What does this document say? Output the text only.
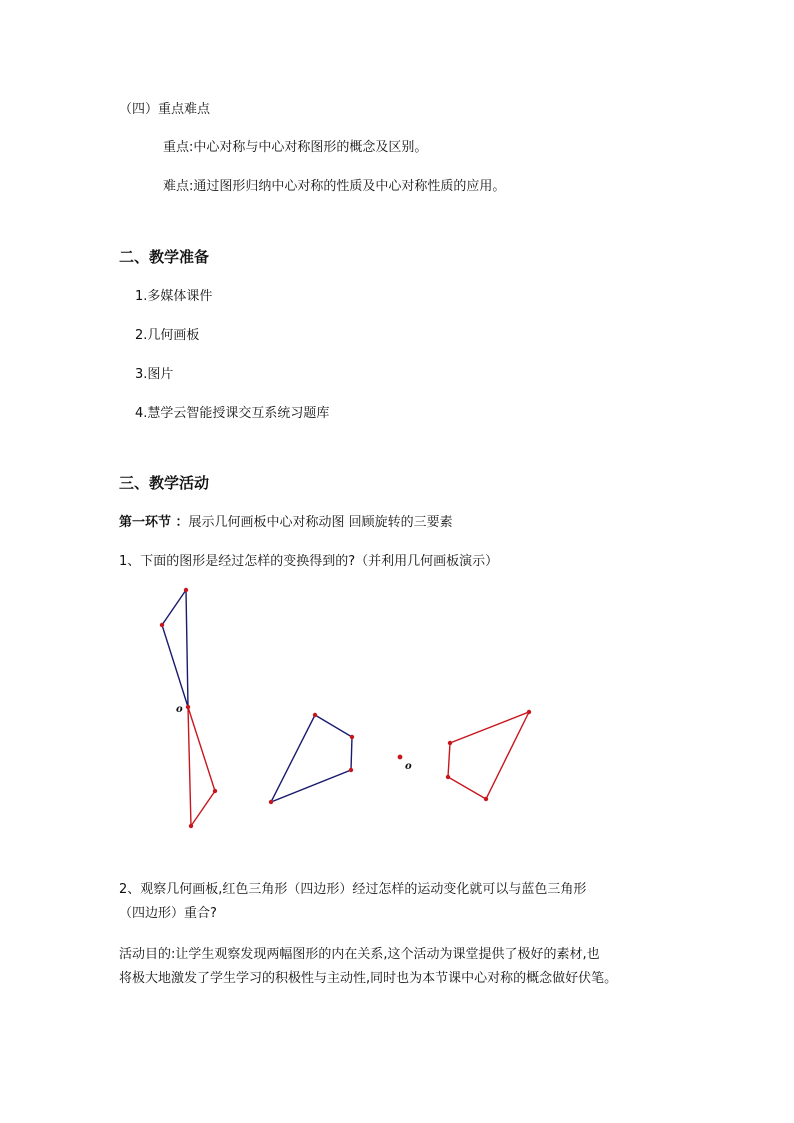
（四）重点难点
重点:中心对称与中心对称图形的概念及区别。
难点:通过图形归纳中心对称的性质及中心对称性质的应用。
二、教学准备
1.多媒体课件
2.几何画板
3.图片
4.慧学云智能授课交互系统习题库
三、教学活动
第一环节 ：展示几何画板中心对称动图 回顾旋转的三要素
1、下面的图形是经过怎样的变换得到的?（并利用几何画板演示）
o
o
2、观察几何画板,红色三角形（四边形）经过怎样的运动变化就可以与蓝色三角形
（四边形）重合?
活动目的:让学生观察发现两幅图形的内在关系,这个活动为课堂提供了极好的素材,也
将极大地激发了学生学习的积极性与主动性,同时也为本节课中心对称的概念做好伏笔。
